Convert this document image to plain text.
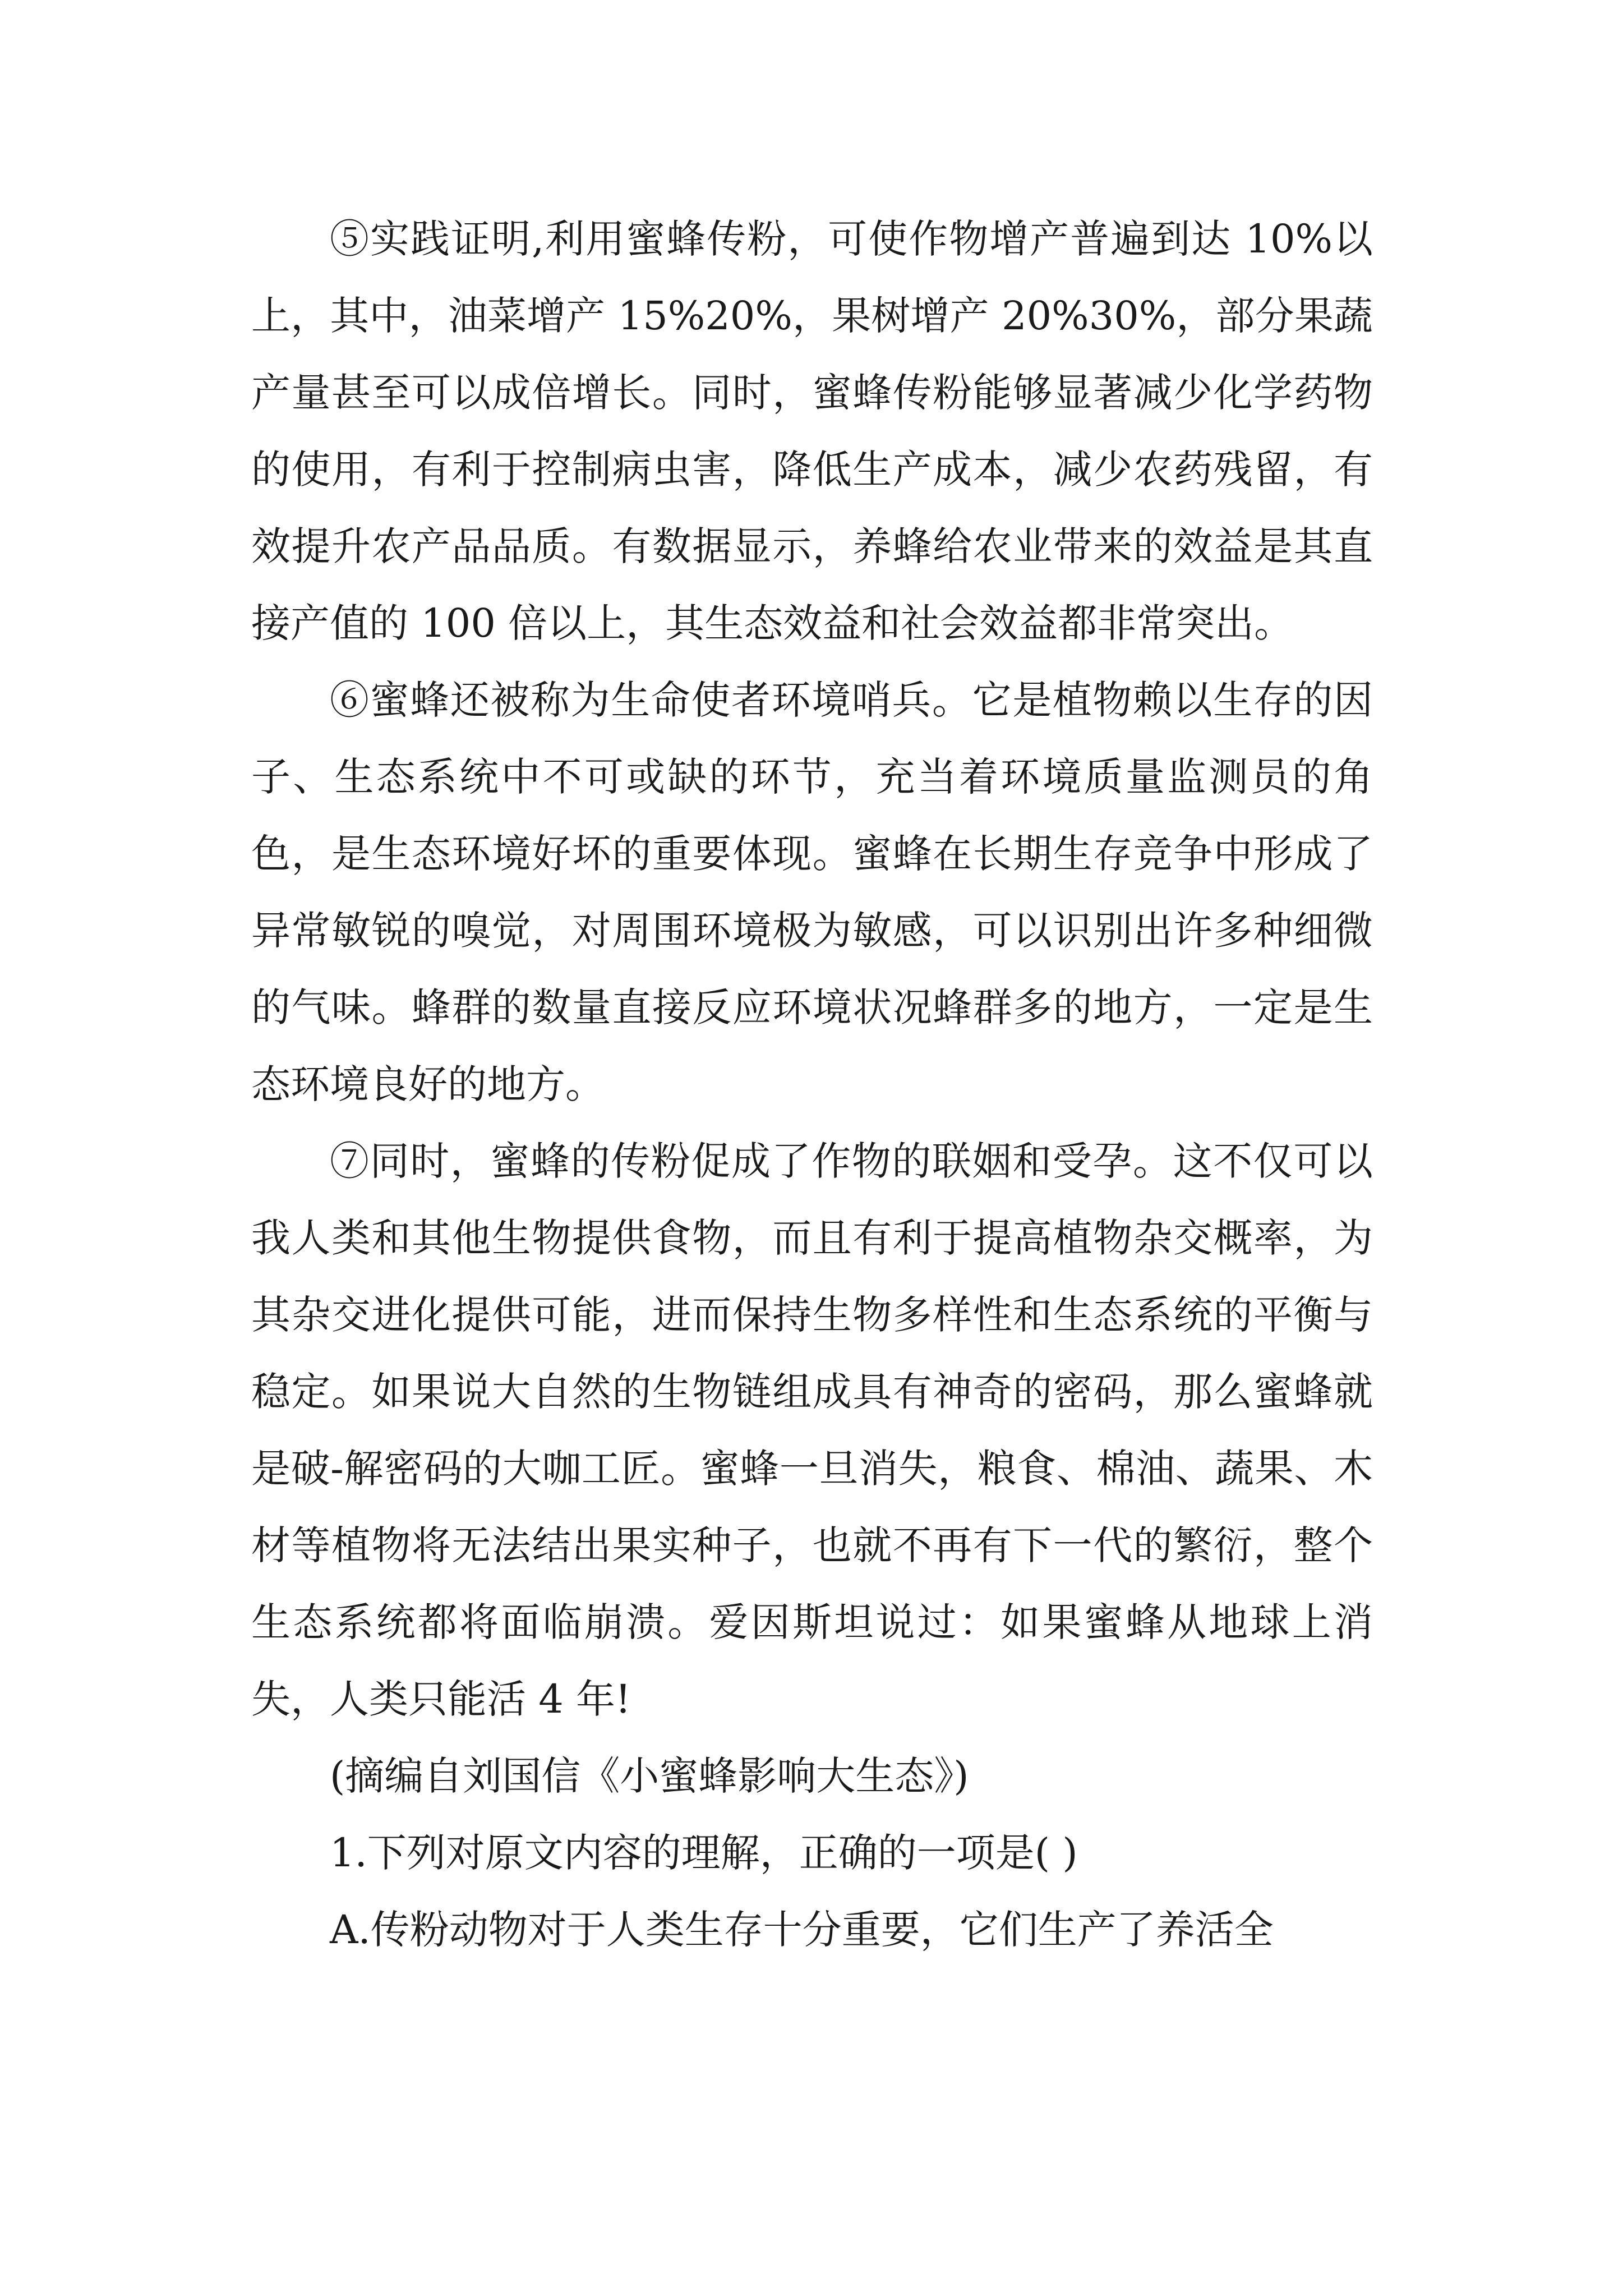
⑤实践证明,利用蜜蜂传粉，可使作物增产普遍到达 10%以上，其中，油菜增产 15%20%，果树增产 20%30%，部分果蔬产量甚至可以成倍增长。同时，蜜蜂传粉能够显著减少化学药物的使用，有利于控制病虫害，降低生产成本，减少农药残留，有效提升农产品品质。有数据显示，养蜂给农业带来的效益是其直接产值的 100 倍以上，其生态效益和社会效益都非常突出。

⑥蜜蜂还被称为生命使者环境哨兵。它是植物赖以生存的因子、生态系统中不可或缺的环节，充当着环境质量监测员的角色，是生态环境好坏的重要体现。蜜蜂在长期生存竞争中形成了异常敏锐的嗅觉，对周围环境极为敏感，可以识别出许多种细微的气味。蜂群的数量直接反应环境状况蜂群多的地方，一定是生态环境良好的地方。

⑦同时，蜜蜂的传粉促成了作物的联姻和受孕。这不仅可以我人类和其他生物提供食物，而且有利于提高植物杂交概率，为其杂交进化提供可能，进而保持生物多样性和生态系统的平衡与稳定。如果说大自然的生物链组成具有神奇的密码，那么蜜蜂就是破-解密码的大咖工匠。蜜蜂一旦消失，粮食、棉油、蔬果、木材等植物将无法结出果实种子，也就不再有下一代的繁衍，整个生态系统都将面临崩溃。爱因斯坦说过：如果蜜蜂从地球上消失，人类只能活 4 年!

(摘编自刘国信《小蜜蜂影响大生态》)

1.下列对原文内容的理解，正确的一项是( )

A.传粉动物对于人类生存十分重要，它们生产了养活全
